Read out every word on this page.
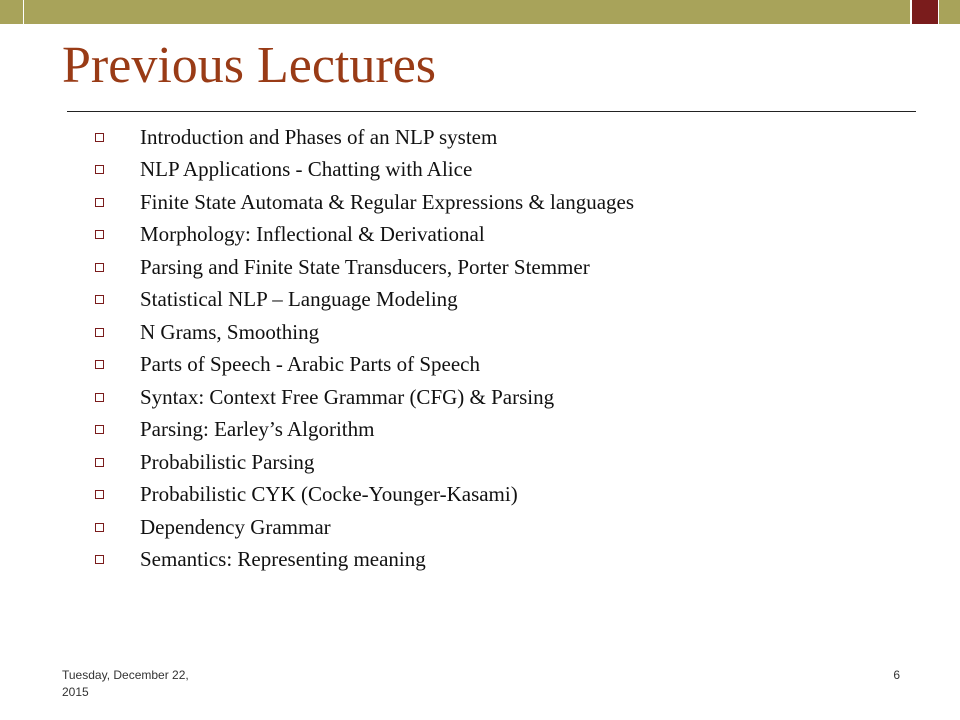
Previous Lectures
Introduction and Phases of an NLP system
NLP Applications - Chatting with Alice
Finite State Automata & Regular Expressions & languages
Morphology: Inflectional & Derivational
Parsing and Finite State Transducers, Porter Stemmer
Statistical NLP – Language Modeling
N Grams, Smoothing
Parts of Speech - Arabic Parts of Speech
Syntax: Context Free Grammar (CFG) & Parsing
Parsing: Earley’s Algorithm
Probabilistic Parsing
Probabilistic CYK (Cocke-Younger-Kasami)
Dependency Grammar
Semantics: Representing meaning
Tuesday, December 22, 2015
6
